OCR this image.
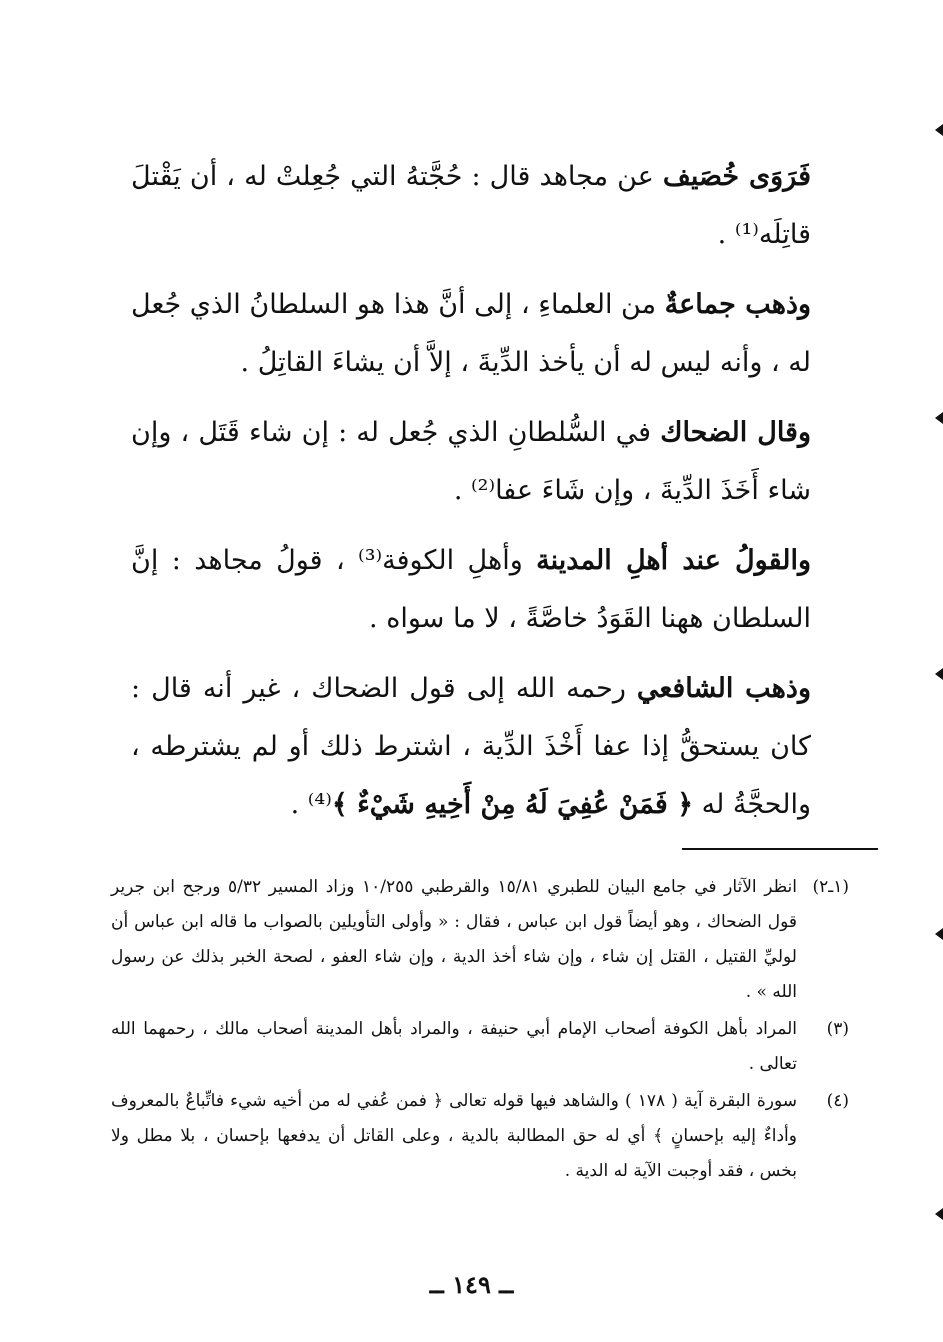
فَرَوَى خُصَيف عن مجاهد قال : حُجَّتهُ التي جُعِلتْ له ، أن يَقْتلَ قاتِلَه⁽¹⁾ .

وذهب جماعةٌ من العلماءِ ، إلى أنَّ هذا هو السلطانُ الذي جُعل له ، وأنه ليس له أن يأخذ الدِّيةَ ، إلاَّ أن يشاءَ القاتِلُ .

وقال الضحاك في السُّلطانِ الذي جُعل له : إن شاء قَتَل ، وإن شاء أَخَذَ الدِّيةَ ، وإن شَاءَ عفا⁽²⁾ .

والقولُ عند أهلِ المدينة وأهلِ الكوفة⁽³⁾ ، قولُ مجاهد : إنَّ السلطان ههنا القَوَدُ خاصَّةً ، لا ما سواه .

وذهب الشافعي رحمه الله إلى قول الضحاك ، غير أنه قال : كان يستحقُّ إذا عفا أَخْذَ الدِّية ، اشترط ذلك أو لم يشترطه ، والحجَّةُ له ﴿ فَمَنْ عُفِيَ لَهُ مِنْ أَخِيهِ شَيْءٌ ﴾⁽⁴⁾ .

(١ـ٢)
انظر الآثار في جامع البيان للطبري ١٥/٨١ والقرطبي ١٠/٢٥٥ وزاد المسير ٥/٣٢ ورجح ابن جرير قول الضحاك ، وهو أيضاً قول ابن عباس ، فقال : « وأولى التأويلين بالصواب ما قاله ابن عباس أن لوليِّ القتيل ، القتل إن شاء ، وإن شاء أخذ الدية ، وإن شاء العفو ، لصحة الخبر بذلك عن رسول الله » .
(٣)
المراد بأهل الكوفة أصحاب الإمام أبي حنيفة ، والمراد بأهل المدينة أصحاب مالك ، رحمهما الله تعالى .
(٤)
سورة البقرة آية ( ١٧٨ ) والشاهد فيها قوله تعالى ﴿ فمن عُفي له من أخيه شيء فاتِّباعٌ بالمعروف وأداءٌ إليه بإحسانٍ ﴾ أي له حق المطالبة بالدية ، وعلى القاتل أن يدفعها بإحسان ، بلا مطل ولا بخس ، فقد أوجبت الآية له الدية .
ــ ١٤٩ ــ
